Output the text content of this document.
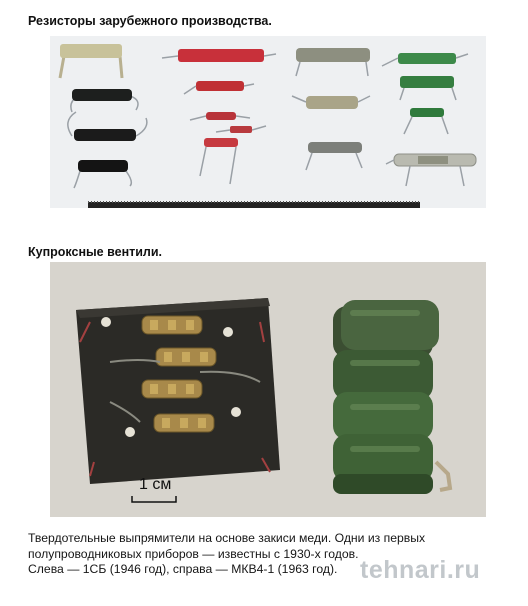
Резисторы зарубежного производства.
Купроксные вентили.
1 см
Твердотельные выпрямители на основе закиси меди. Одни из первых
полупроводниковых приборов — известны с 1930-х годов.
Слева — 1СБ (1946 год), справа — МКВ4-1 (1963 год). tehnari.ru
